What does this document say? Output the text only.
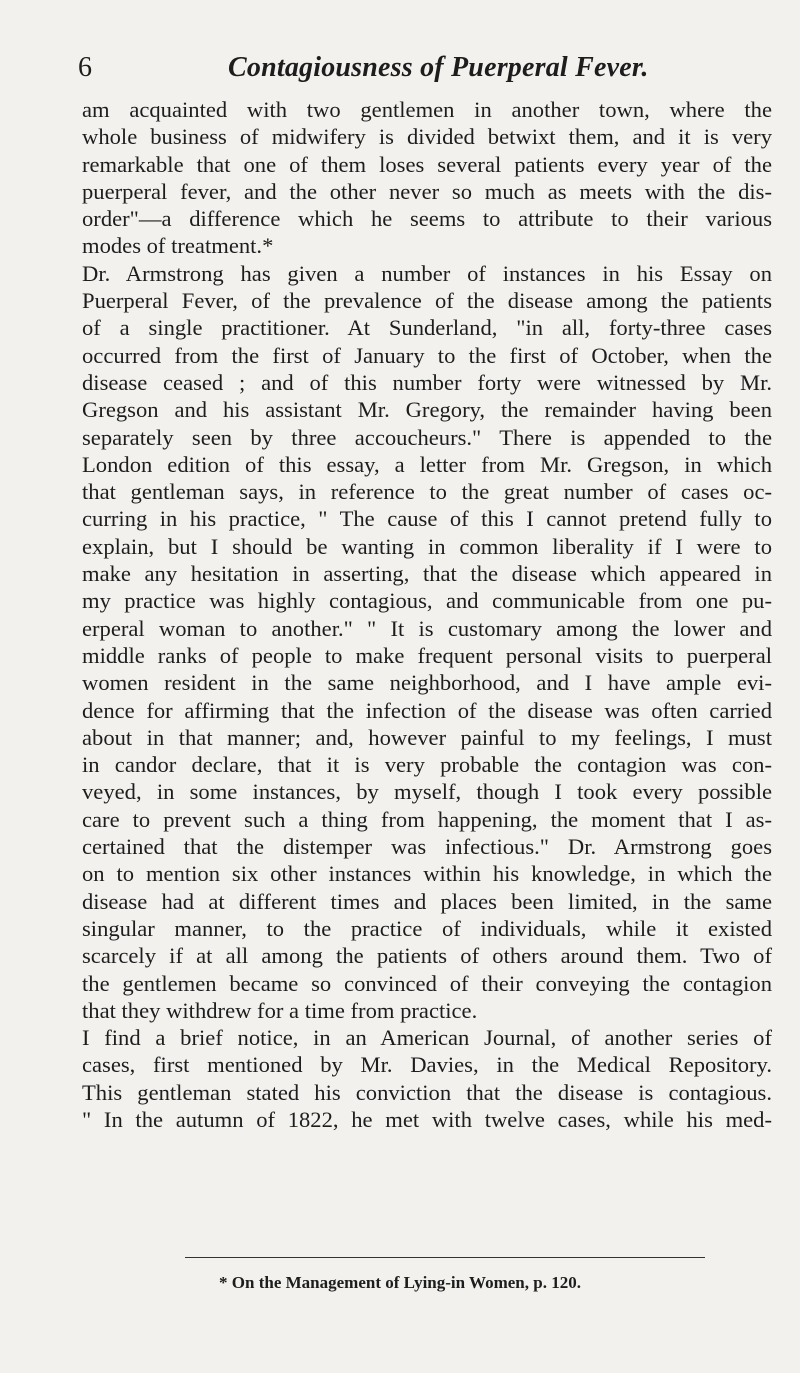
6	Contagiousness of Puerperal Fever.
am acquainted with two gentlemen in another town, where the
whole business of midwifery is divided betwixt them, and it is very
remarkable that one of them loses several patients every year of the
puerperal fever, and the other never so much as meets with the dis-
order"—a difference which he seems to attribute to their various
modes of treatment.*
Dr. Armstrong has given a number of instances in his Essay on
Puerperal Fever, of the prevalence of the disease among the patients
of a single practitioner. At Sunderland, "in all, forty-three cases
occurred from the first of January to the first of October, when the
disease ceased ; and of this number forty were witnessed by Mr.
Gregson and his assistant Mr. Gregory, the remainder having been
separately seen by three accoucheurs." There is appended to the
London edition of this essay, a letter from Mr. Gregson, in which
that gentleman says, in reference to the great number of cases oc-
curring in his practice, " The cause of this I cannot pretend fully to
explain, but I should be wanting in common liberality if I were to
make any hesitation in asserting, that the disease which appeared in
my practice was highly contagious, and communicable from one pu-
erperal woman to another." " It is customary among the lower and
middle ranks of people to make frequent personal visits to puerperal
women resident in the same neighborhood, and I have ample evi-
dence for affirming that the infection of the disease was often carried
about in that manner; and, however painful to my feelings, I must
in candor declare, that it is very probable the contagion was con-
veyed, in some instances, by myself, though I took every possible
care to prevent such a thing from happening, the moment that I as-
certained that the distemper was infectious." Dr. Armstrong goes
on to mention six other instances within his knowledge, in which the
disease had at different times and places been limited, in the same
singular manner, to the practice of individuals, while it existed
scarcely if at all among the patients of others around them. Two of
the gentlemen became so convinced of their conveying the contagion
that they withdrew for a time from practice.
I find a brief notice, in an American Journal, of another series of
cases, first mentioned by Mr. Davies, in the Medical Repository.
This gentleman stated his conviction that the disease is contagious.
" In the autumn of 1822, he met with twelve cases, while his med-
* On the Management of Lying-in Women, p. 120.
